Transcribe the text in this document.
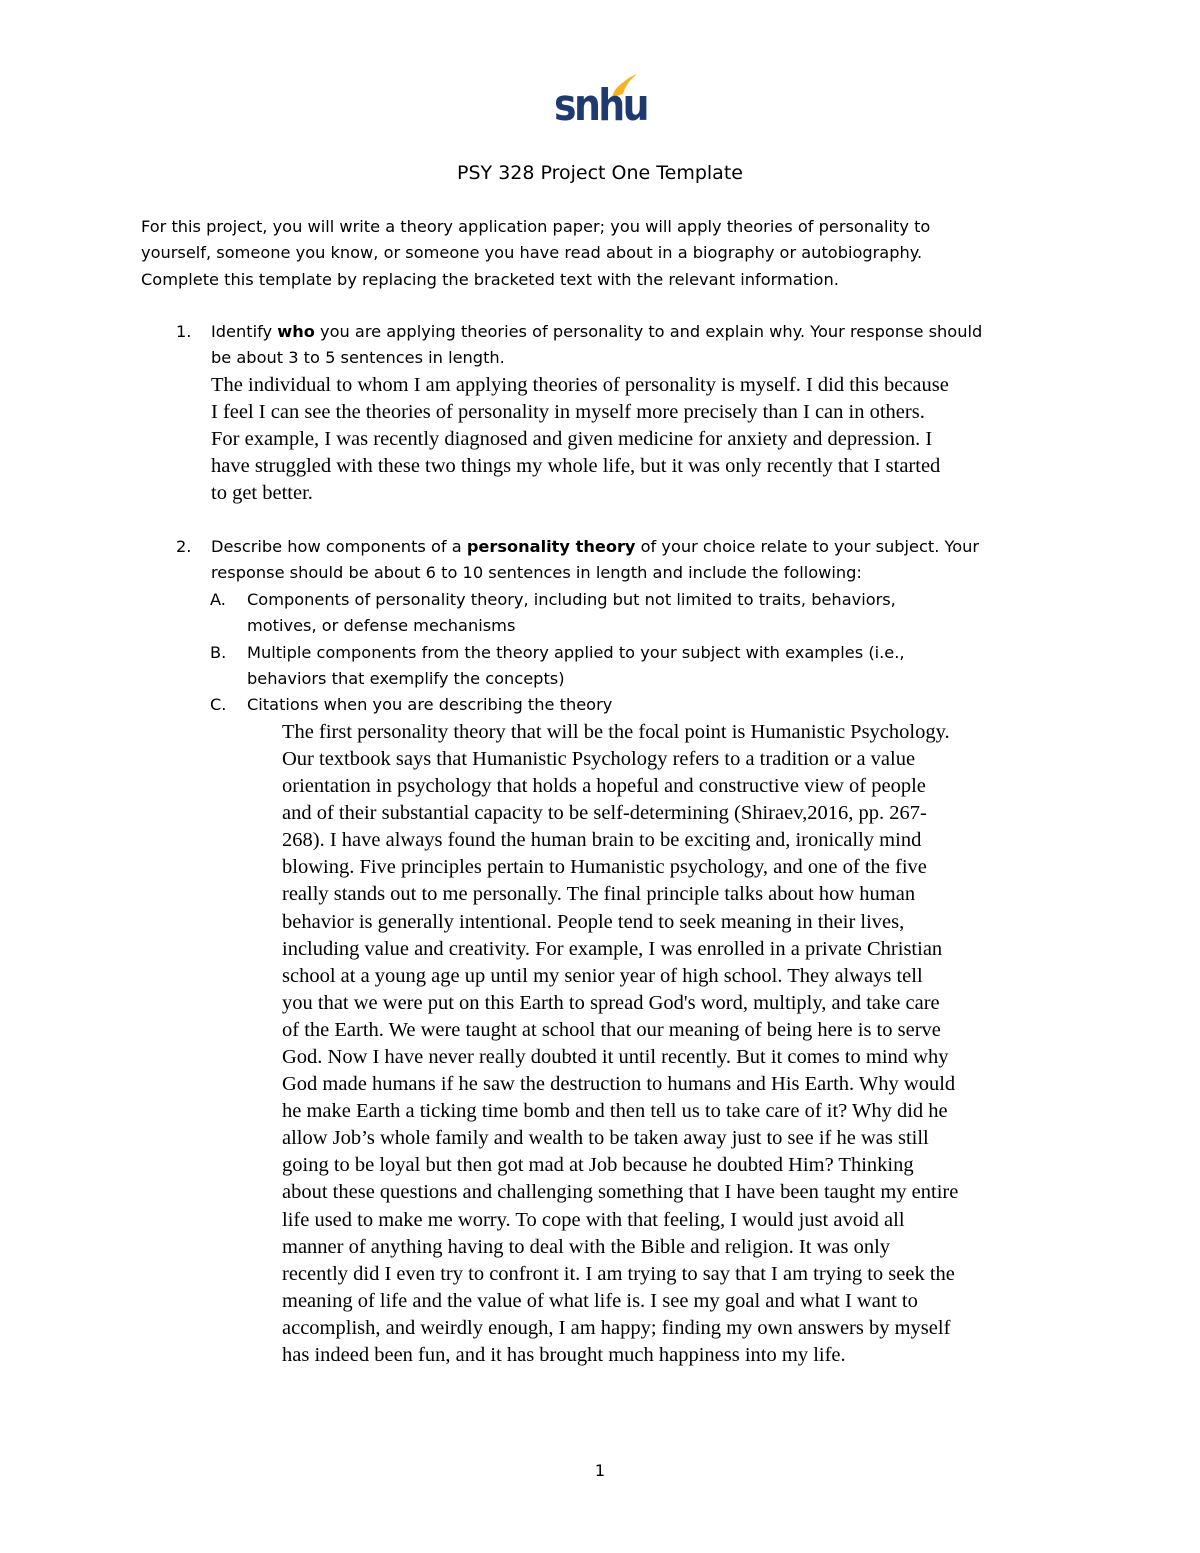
snhu
PSY 328 Project One Template
For this project, you will write a theory application paper; you will apply theories of personality to
yourself, someone you know, or someone you have read about in a biography or autobiography.
Complete this template by replacing the bracketed text with the relevant information.
1. Identify who you are applying theories of personality to and explain why. Your response should
be about 3 to 5 sentences in length.
The individual to whom I am applying theories of personality is myself. I did this because
I feel I can see the theories of personality in myself more precisely than I can in others.
For example, I was recently diagnosed and given medicine for anxiety and depression. I
have struggled with these two things my whole life, but it was only recently that I started
to get better.
2. Describe how components of a personality theory of your choice relate to your subject. Your
response should be about 6 to 10 sentences in length and include the following:
A. Components of personality theory, including but not limited to traits, behaviors,
motives, or defense mechanisms
B. Multiple components from the theory applied to your subject with examples (i.e.,
behaviors that exemplify the concepts)
C. Citations when you are describing the theory
The first personality theory that will be the focal point is Humanistic Psychology.
Our textbook says that Humanistic Psychology refers to a tradition or a value
orientation in psychology that holds a hopeful and constructive view of people
and of their substantial capacity to be self-determining (Shiraev,2016, pp. 267-
268). I have always found the human brain to be exciting and, ironically mind
blowing. Five principles pertain to Humanistic psychology, and one of the five
really stands out to me personally. The final principle talks about how human
behavior is generally intentional. People tend to seek meaning in their lives,
including value and creativity. For example, I was enrolled in a private Christian
school at a young age up until my senior year of high school. They always tell
you that we were put on this Earth to spread God's word, multiply, and take care
of the Earth. We were taught at school that our meaning of being here is to serve
God. Now I have never really doubted it until recently. But it comes to mind why
God made humans if he saw the destruction to humans and His Earth. Why would
he make Earth a ticking time bomb and then tell us to take care of it? Why did he
allow Job’s whole family and wealth to be taken away just to see if he was still
going to be loyal but then got mad at Job because he doubted Him? Thinking
about these questions and challenging something that I have been taught my entire
life used to make me worry. To cope with that feeling, I would just avoid all
manner of anything having to deal with the Bible and religion. It was only
recently did I even try to confront it. I am trying to say that I am trying to seek the
meaning of life and the value of what life is. I see my goal and what I want to
accomplish, and weirdly enough, I am happy; finding my own answers by myself
has indeed been fun, and it has brought much happiness into my life.
1
